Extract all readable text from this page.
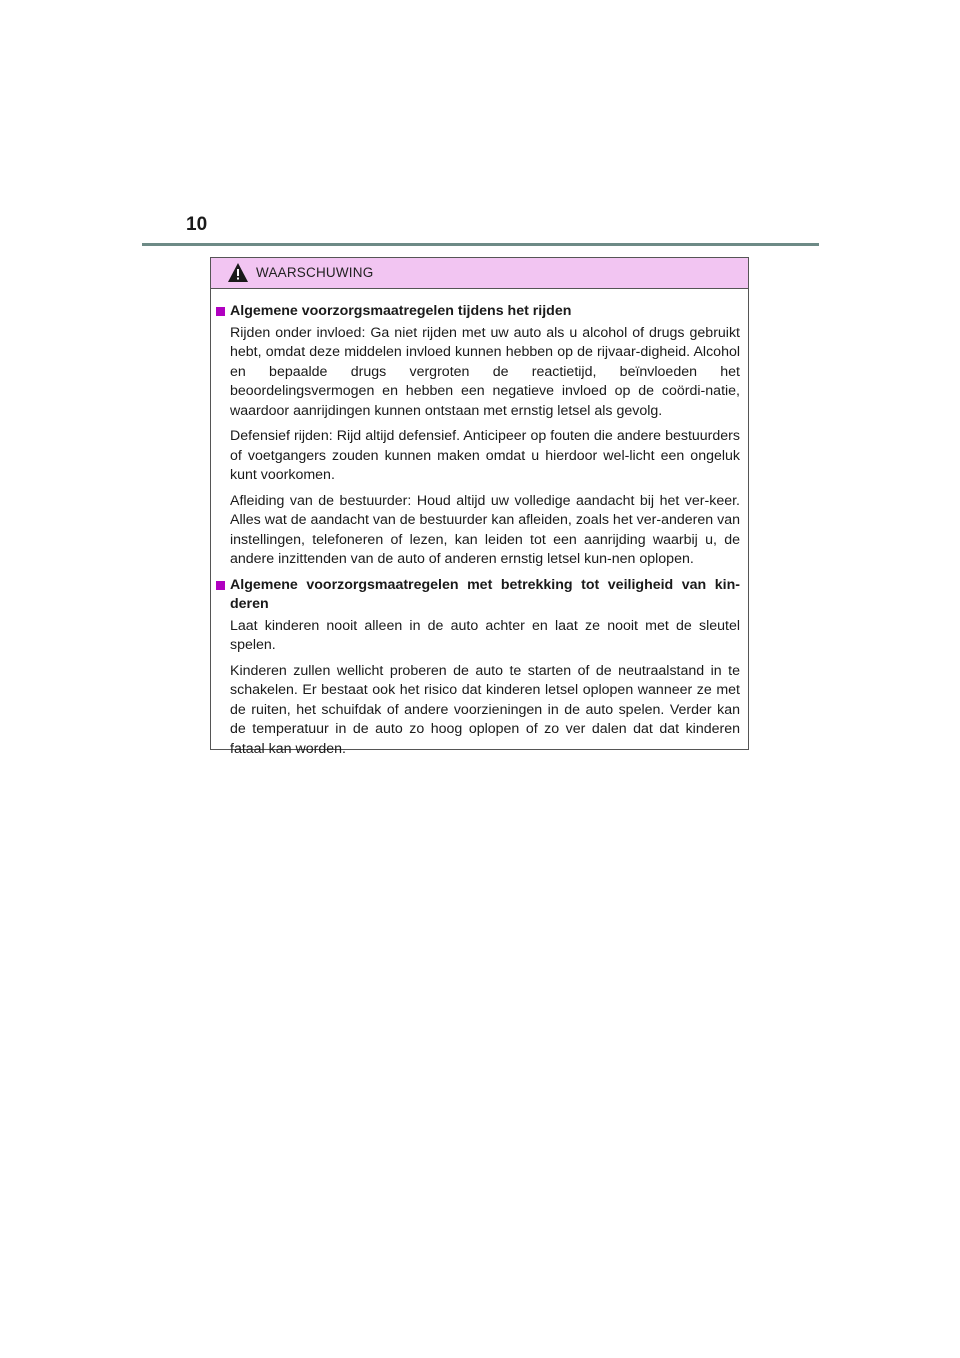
10
WAARSCHUWING
Algemene voorzorgsmaatregelen tijdens het rijden

Rijden onder invloed: Ga niet rijden met uw auto als u alcohol of drugs gebruikt hebt, omdat deze middelen invloed kunnen hebben op de rijvaar-digheid. Alcohol en bepaalde drugs vergroten de reactietijd, beïnvloeden het beoordelingsvermogen en hebben een negatieve invloed op de coördi-natie, waardoor aanrijdingen kunnen ontstaan met ernstig letsel als gevolg.

Defensief rijden: Rijd altijd defensief. Anticipeer op fouten die andere bestuurders of voetgangers zouden kunnen maken omdat u hierdoor wel-licht een ongeluk kunt voorkomen.

Afleiding van de bestuurder: Houd altijd uw volledige aandacht bij het ver-keer. Alles wat de aandacht van de bestuurder kan afleiden, zoals het ver-anderen van instellingen, telefoneren of lezen, kan leiden tot een aanrijding waarbij u, de andere inzittenden van de auto of anderen ernstig letsel kun-nen oplopen.

Algemene voorzorgsmaatregelen met betrekking tot veiligheid van kin-deren

Laat kinderen nooit alleen in de auto achter en laat ze nooit met de sleutel spelen.

Kinderen zullen wellicht proberen de auto te starten of de neutraalstand in te schakelen. Er bestaat ook het risico dat kinderen letsel oplopen wanneer ze met de ruiten, het schuifdak of andere voorzieningen in de auto spelen. Verder kan de temperatuur in de auto zo hoog oplopen of zo ver dalen dat dat kinderen fataal kan worden.
